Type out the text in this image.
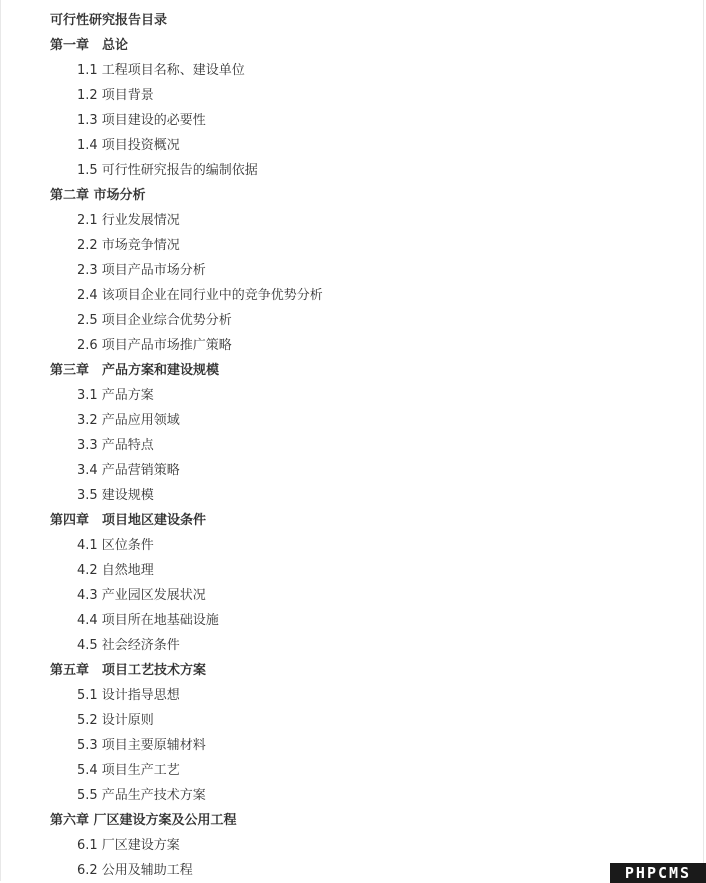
可行性研究报告目录
第一章　总论
1.1 工程项目名称、建设单位
1.2 项目背景
1.3 项目建设的必要性
1.4 项目投资概况
1.5 可行性研究报告的编制依据
第二章 市场分析
2.1 行业发展情况
2.2 市场竞争情况
2.3 项目产品市场分析
2.4 该项目企业在同行业中的竞争优势分析
2.5 项目企业综合优势分析
2.6 项目产品市场推广策略
第三章　产品方案和建设规模
3.1 产品方案
3.2 产品应用领域
3.3 产品特点
3.4 产品营销策略
3.5 建设规模
第四章　项目地区建设条件
4.1 区位条件
4.2 自然地理
4.3 产业园区发展状况
4.4 项目所在地基础设施
4.5 社会经济条件
第五章　项目工艺技术方案
5.1 设计指导思想
5.2 设计原则
5.3 项目主要原辅材料
5.4 项目生产工艺
5.5 产品生产技术方案
第六章 厂区建设方案及公用工程
6.1 厂区建设方案
6.2 公用及辅助工程	PHPCMS
